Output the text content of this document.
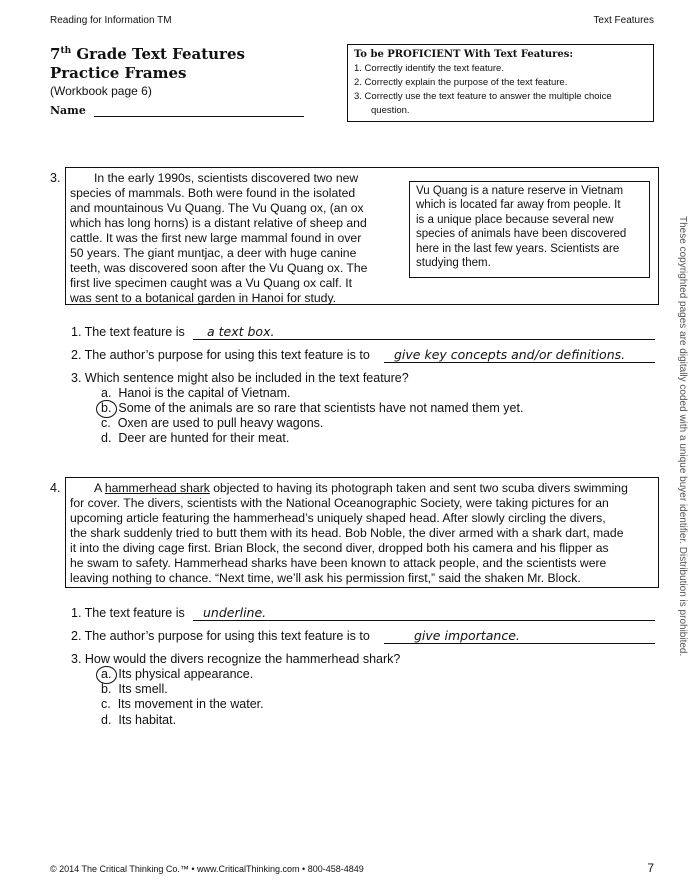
Reading for Information TM	Text Features
7th Grade Text Features
Practice Frames
(Workbook page 6)
Name
To be PROFICIENT With Text Features:
1. Correctly identify the text feature.
2. Correctly explain the purpose of the text feature.
3. Correctly use the text feature to answer the multiple choice
question.
3.	In the early 1990s, scientists discovered two new

species of mammals. Both were found in the isolated

and mountainous Vu Quang. The Vu Quang ox, (an ox

which has long horns) is a distant relative of sheep and

cattle. It was the first new large mammal found in over

50 years. The giant muntjac, a deer with huge canine

teeth, was discovered soon after the Vu Quang ox. The

first live specimen caught was a Vu Quang ox calf. It

was sent to a botanical garden in Hanoi for study.

Vu Quang is a nature reserve in Vietnam
which is located far away from people. It
is a unique place because several new
species of animals have been discovered
here in the last few years. Scientists are
studying them.
1. The text feature is a text box.
2. The author’s purpose for using this text feature is to give key concepts and/or definitions.
3. Which sentence might also be included in the text feature?
a. Hanoi is the capital of Vietnam.
b. Some of the animals are so rare that scientists have not named them yet.
c. Oxen are used to pull heavy wagons.
d. Deer are hunted for their meat.
4.	A hammerhead shark objected to having its photograph taken and sent two scuba divers swimming

for cover. The divers, scientists with the National Oceanographic Society, were taking pictures for an

upcoming article featuring the hammerhead’s uniquely shaped head. After slowly circling the divers,

the shark suddenly tried to butt them with its head. Bob Noble, the diver armed with a shark dart, made

it into the diving cage first. Brian Block, the second diver, dropped both his camera and his flipper as

he swam to safety. Hammerhead sharks have been known to attack people, and the scientists were

leaving nothing to chance. “Next time, we’ll ask his permission first,” said the shaken Mr. Block.

1. The text feature is underline.
2. The author’s purpose for using this text feature is to	give importance.
3. How would the divers recognize the hammerhead shark?
a. Its physical appearance.
b. Its smell.
c. Its movement in the water.
d. Its habitat.
These copyrighted pages are digitally coded with a unique buyer identifier. Distribution is prohibited.
© 2014 The Critical Thinking Co.™ • www.CriticalThinking.com • 800-458-4849	7
